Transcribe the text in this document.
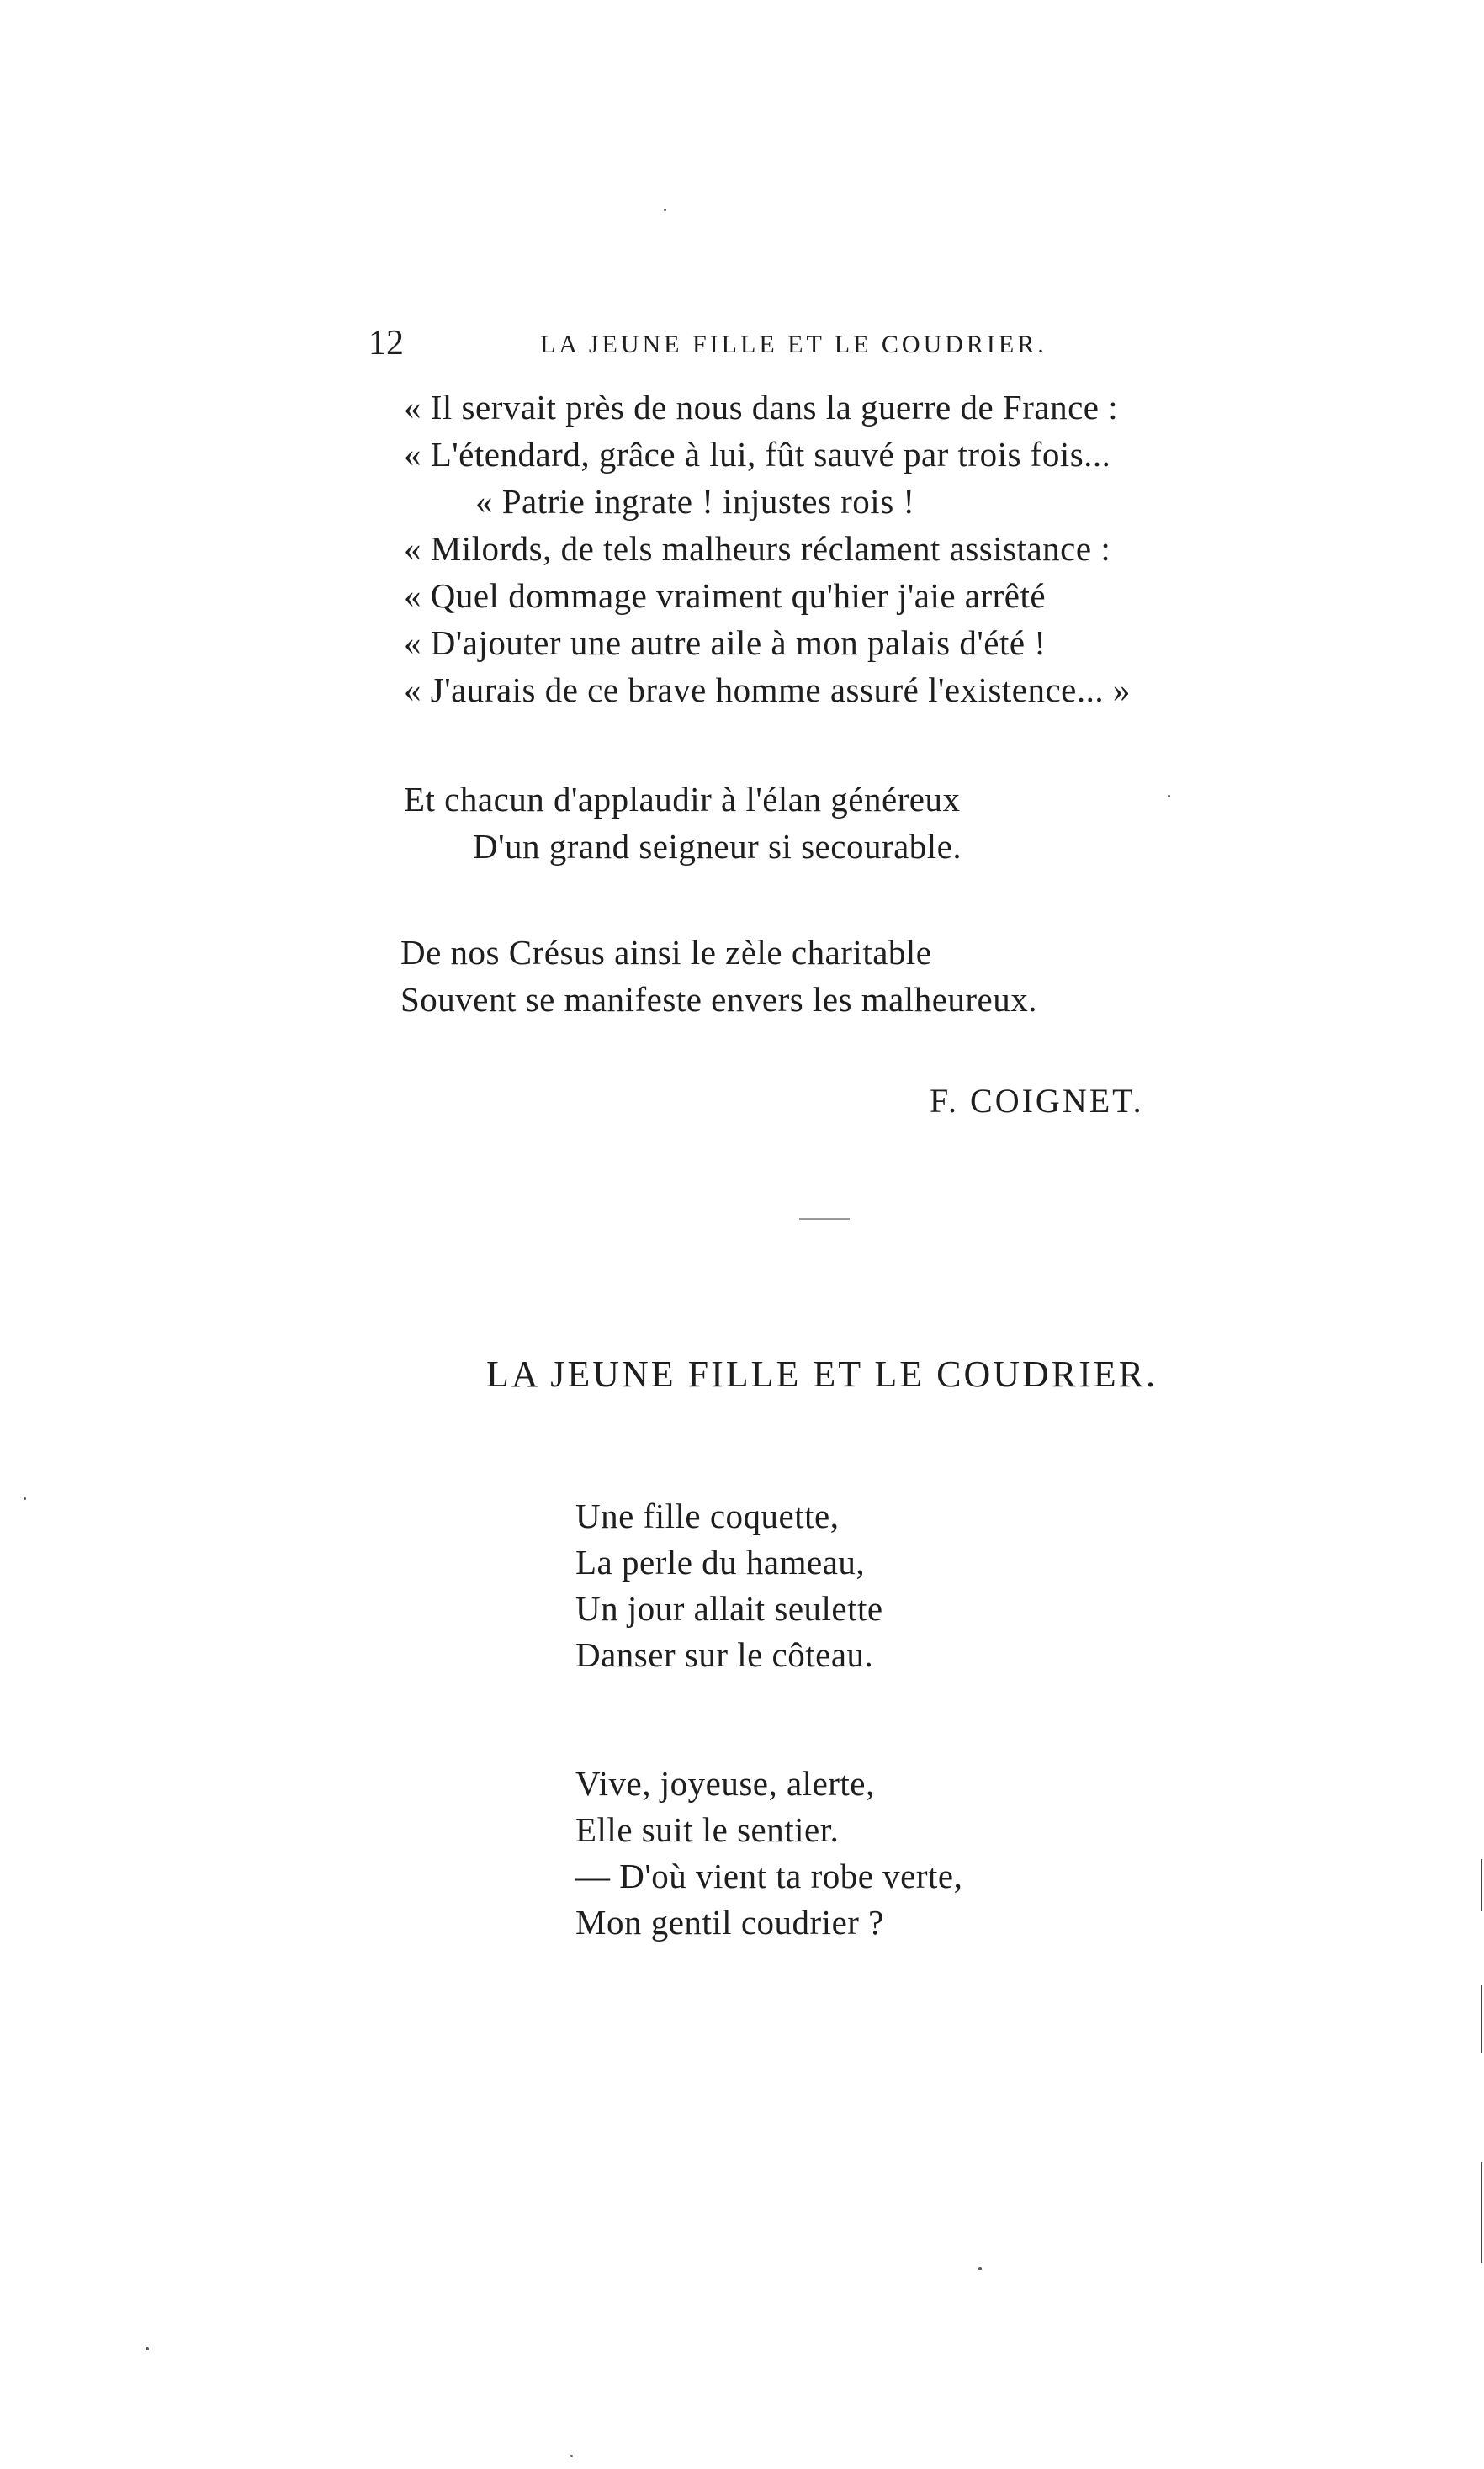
12	LA JEUNE FILLE ET LE COUDRIER.
« Il servait près de nous dans la guerre de France :
« L'étendard, grâce à lui, fût sauvé par trois fois...
« Patrie ingrate ! injustes rois !
« Milords, de tels malheurs réclament assistance :
« Quel dommage vraiment qu'hier j'aie arrêté
« D'ajouter une autre aile à mon palais d'été !
« J'aurais de ce brave homme assuré l'existence... »
Et chacun d'applaudir à l'élan généreux
D'un grand seigneur si secourable.
De nos Crésus ainsi le zèle charitable
Souvent se manifeste envers les malheureux.
F. COIGNET.
LA JEUNE FILLE ET LE COUDRIER.
Une fille coquette,
La perle du hameau,
Un jour allait seulette
Danser sur le côteau.
Vive, joyeuse, alerte,
Elle suit le sentier.
— D'où vient ta robe verte,
Mon gentil coudrier ?
